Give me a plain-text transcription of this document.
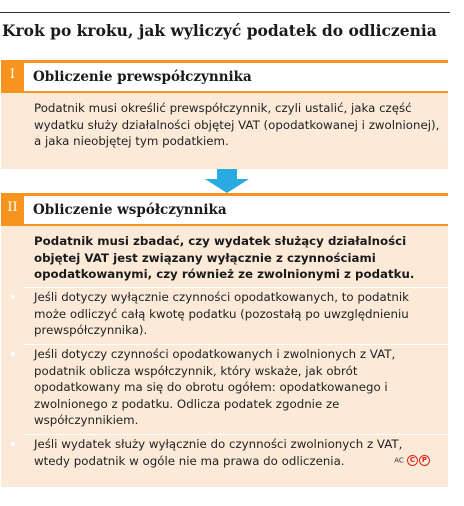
Krok po kroku, jak wyliczyć podatek do odliczenia
I	Obliczenie prewspółczynnika
Podatnik musi określić prewspółczynnik, czyli ustalić, jaka część wydatku służy działalności objętej VAT (opodatkowanej i zwolnionej), a jaka nieobjętej tym podatkiem.
II	Obliczenie współczynnika
Podatnik musi zbadać, czy wydatek służący działalności objętej VAT jest związany wyłącznie z czynnościami opodatkowanymi, czy również ze zwolnionymi z podatku.
Jeśli dotyczy wyłącznie czynności opodatkowanych, to podatnik może odliczyć całą kwotę podatku (pozostałą po uwzględnieniu prewspółczynnika).
Jeśli dotyczy czynności opodatkowanych i zwolnionych z VAT, podatnik oblicza współczynnik, który wskaże, jak obrót opodatkowany ma się do obrotu ogółem: opodatkowanego i zwolnionego z podatku. Odlicza podatek zgodnie ze współczynnikiem.
Jeśli wydatek służy wyłącznie do czynności zwolnionych z VAT, wtedy podatnik w ogóle nie ma prawa do odliczenia.	AC C P
